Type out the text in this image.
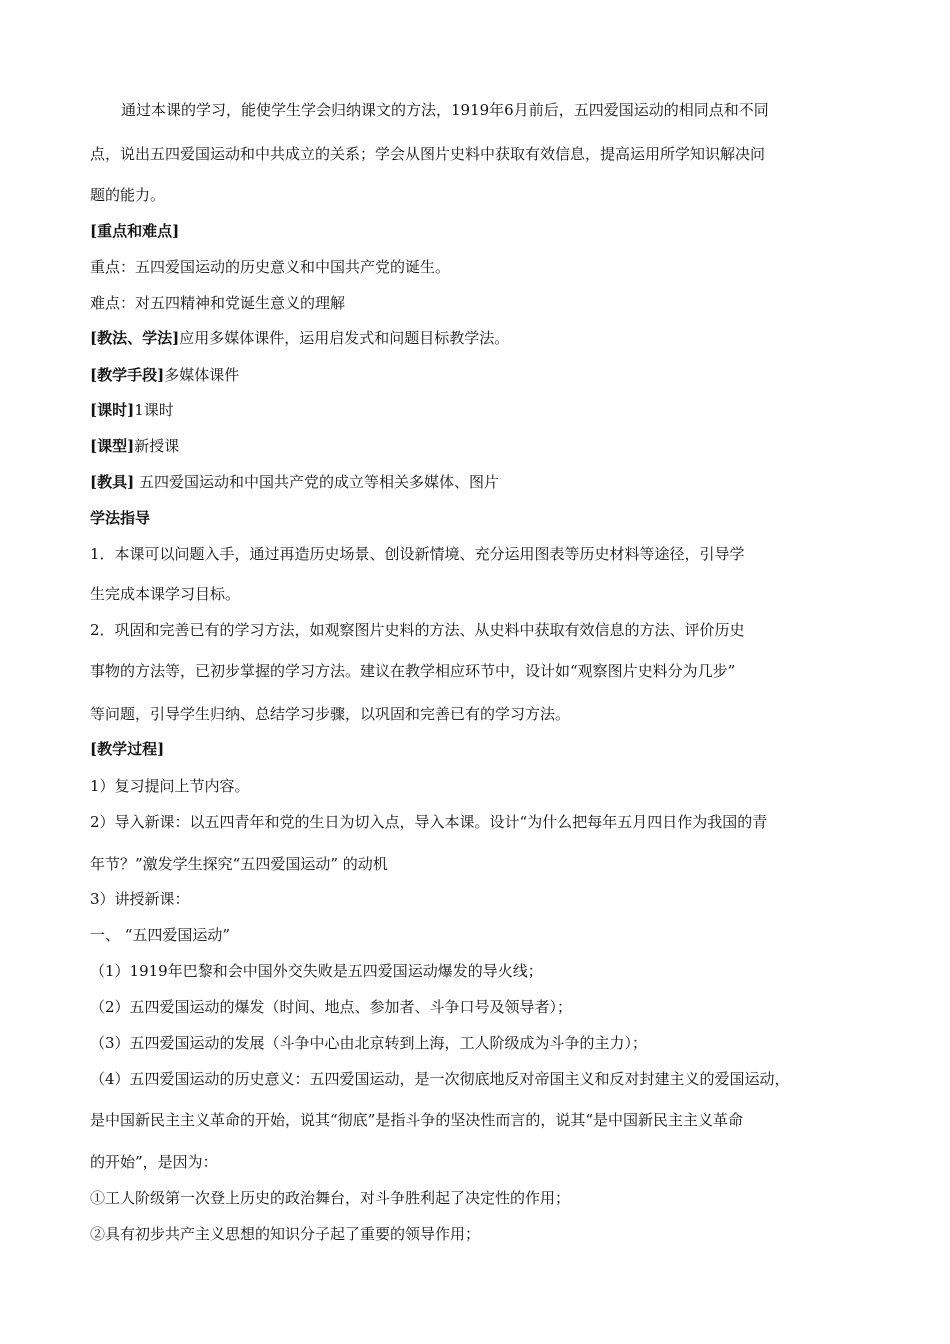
通过本课的学习，能使学生学会归纳课文的方法，1919年6月前后，五四爱国运动的相同点和不同
点，说出五四爱国运动和中共成立的关系；学会从图片史料中获取有效信息，提高运用所学知识解决问
题的能力。
[重点和难点]
重点：五四爱国运动的历史意义和中国共产党的诞生。
难点：对五四精神和党诞生意义的理解
[教法、学法]应用多媒体课件，运用启发式和问题目标教学法。
[教学手段]多媒体课件
[课时]1课时
[课型]新授课
[教具] 五四爱国运动和中国共产党的成立等相关多媒体、图片
学法指导
1．本课可以问题入手，通过再造历史场景、创设新情境、充分运用图表等历史材料等途径，引导学
生完成本课学习目标。
2．巩固和完善已有的学习方法，如观察图片史料的方法、从史料中获取有效信息的方法、评价历史
事物的方法等，已初步掌握的学习方法。建议在教学相应环节中，设计如“观察图片史料分为几步”
等问题，引导学生归纳、总结学习步骤，以巩固和完善已有的学习方法。
[教学过程]
1）复习提问上节内容。
2）导入新课：以五四青年和党的生日为切入点，导入本课。设计“为什么把每年五月四日作为我国的青
年节？”激发学生探究“五四爱国运动” 的动机
3）讲授新课：
一、 “五四爱国运动”
（1）1919年巴黎和会中国外交失败是五四爱国运动爆发的导火线；
（2）五四爱国运动的爆发（时间、地点、参加者、斗争口号及领导者）；
（3）五四爱国运动的发展（斗争中心由北京转到上海，工人阶级成为斗争的主力）；
（4）五四爱国运动的历史意义：五四爱国运动，是一次彻底地反对帝国主义和反对封建主义的爱国运动，
是中国新民主主义革命的开始，说其“彻底”是指斗争的坚决性而言的，说其“是中国新民主主义革命
的开始”，是因为：
①工人阶级第一次登上历史的政治舞台，对斗争胜利起了决定性的作用；
②具有初步共产主义思想的知识分子起了重要的领导作用；
